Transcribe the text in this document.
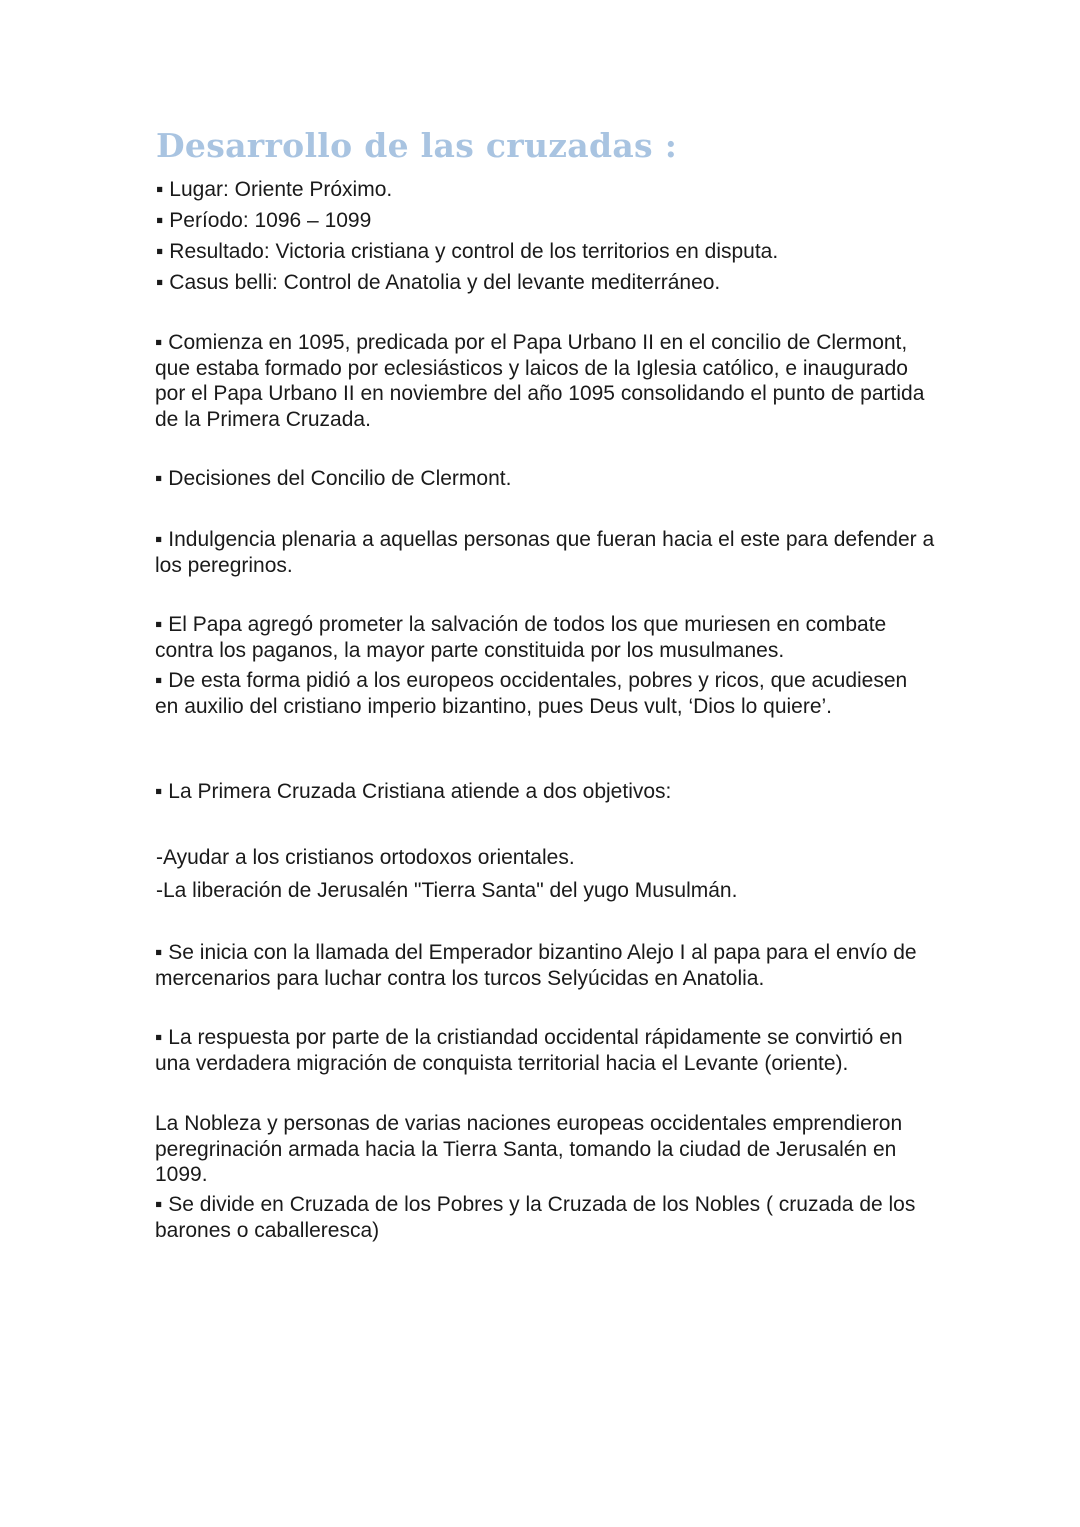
Desarrollo de las cruzadas :

▪ Lugar: Oriente Próximo.

▪ Período: 1096 – 1099

▪ Resultado: Victoria cristiana y control de los territorios en disputa.

▪ Casus belli: Control de Anatolia y del levante mediterráneo.

▪ Comienza en 1095, predicada por el Papa Urbano II en el concilio de Clermont, que estaba formado por eclesiásticos y laicos de la Iglesia católico, e inaugurado por el Papa Urbano II en noviembre del año 1095 consolidando el punto de partida de la Primera Cruzada.

▪ Decisiones del Concilio de Clermont.

▪ Indulgencia plenaria a aquellas personas que fueran hacia el este para defender a los peregrinos.

▪ El Papa agregó prometer la salvación de todos los que muriesen en combate contra los paganos, la mayor parte constituida por los musulmanes.

▪ De esta forma pidió a los europeos occidentales, pobres y ricos, que acudiesen en auxilio del cristiano imperio bizantino, pues Deus vult, ‘Dios lo quiere’.

▪ La Primera Cruzada Cristiana atiende a dos objetivos:

-Ayudar a los cristianos ortodoxos orientales.

-La liberación de Jerusalén "Tierra Santa" del yugo Musulmán.

▪ Se inicia con la llamada del Emperador bizantino Alejo I al papa para el envío de mercenarios para luchar contra los turcos Selyúcidas en Anatolia.

▪ La respuesta por parte de la cristiandad occidental rápidamente se convirtió en una verdadera migración de conquista territorial hacia el Levante (oriente).

La Nobleza y personas de varias naciones europeas occidentales emprendieron peregrinación armada hacia la Tierra Santa, tomando la ciudad de Jerusalén en 1099.

▪ Se divide en Cruzada de los Pobres y la Cruzada de los Nobles ( cruzada de los barones o caballeresca)
